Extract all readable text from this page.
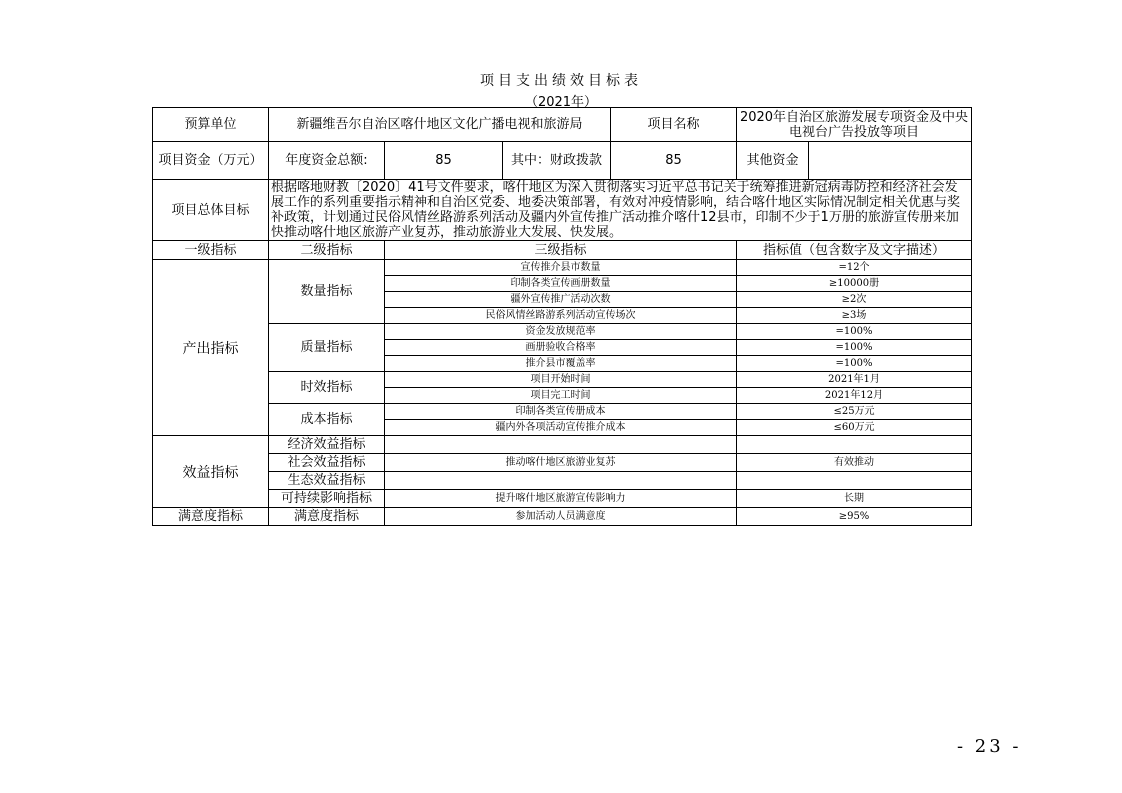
项目支出绩效目标表
（2021年）
预算单位	新疆维吾尔自治区喀什地区文化广播电视和旅游局			项目名称	2020年自治区旅游发展专项资金及中央电视台广告投放等项目	
项目资金（万元）	年度资金总额:	85	其中：财政拨款	85	其他资金	
项目总体目标	根据喀地财教〔2020〕41号文件要求，喀什地区为深入贯彻落实习近平总书记关于统筹推进新冠病毒防控和经济社会发展工作的系列重要指示精神和自治区党委、地委决策部署，有效对冲疫情影响，结合喀什地区实际情况制定相关优惠与奖补政策，计划通过民俗风情丝路游系列活动及疆内外宣传推广活动推介喀什12县市，印制不少于1万册的旅游宣传册来加快推动喀什地区旅游产业复苏，推动旅游业大发展、快发展。					
一级指标	二级指标	三级指标			指标值（包含数字及文字描述）	
产出指标	数量指标	宣传推介县市数量			=12个	
		印制各类宣传画册数量			≥10000册	
		疆外宣传推广活动次数			≥2次	
		民俗风情丝路游系列活动宣传场次			≥3场	
	质量指标	资金发放规范率			=100%	
		画册验收合格率			=100%	
		推介县市覆盖率			=100%	
	时效指标	项目开始时间			2021年1月	
		项目完工时间			2021年12月	
	成本指标	印制各类宣传册成本			≤25万元	
		疆内外各项活动宣传推介成本			≤60万元	
效益指标	经济效益指标					
	社会效益指标	推动喀什地区旅游业复苏			有效推动	
	生态效益指标					
	可持续影响指标	提升喀什地区旅游宣传影响力			长期	
满意度指标	满意度指标	参加活动人员满意度			≥95%	
- 23 -
